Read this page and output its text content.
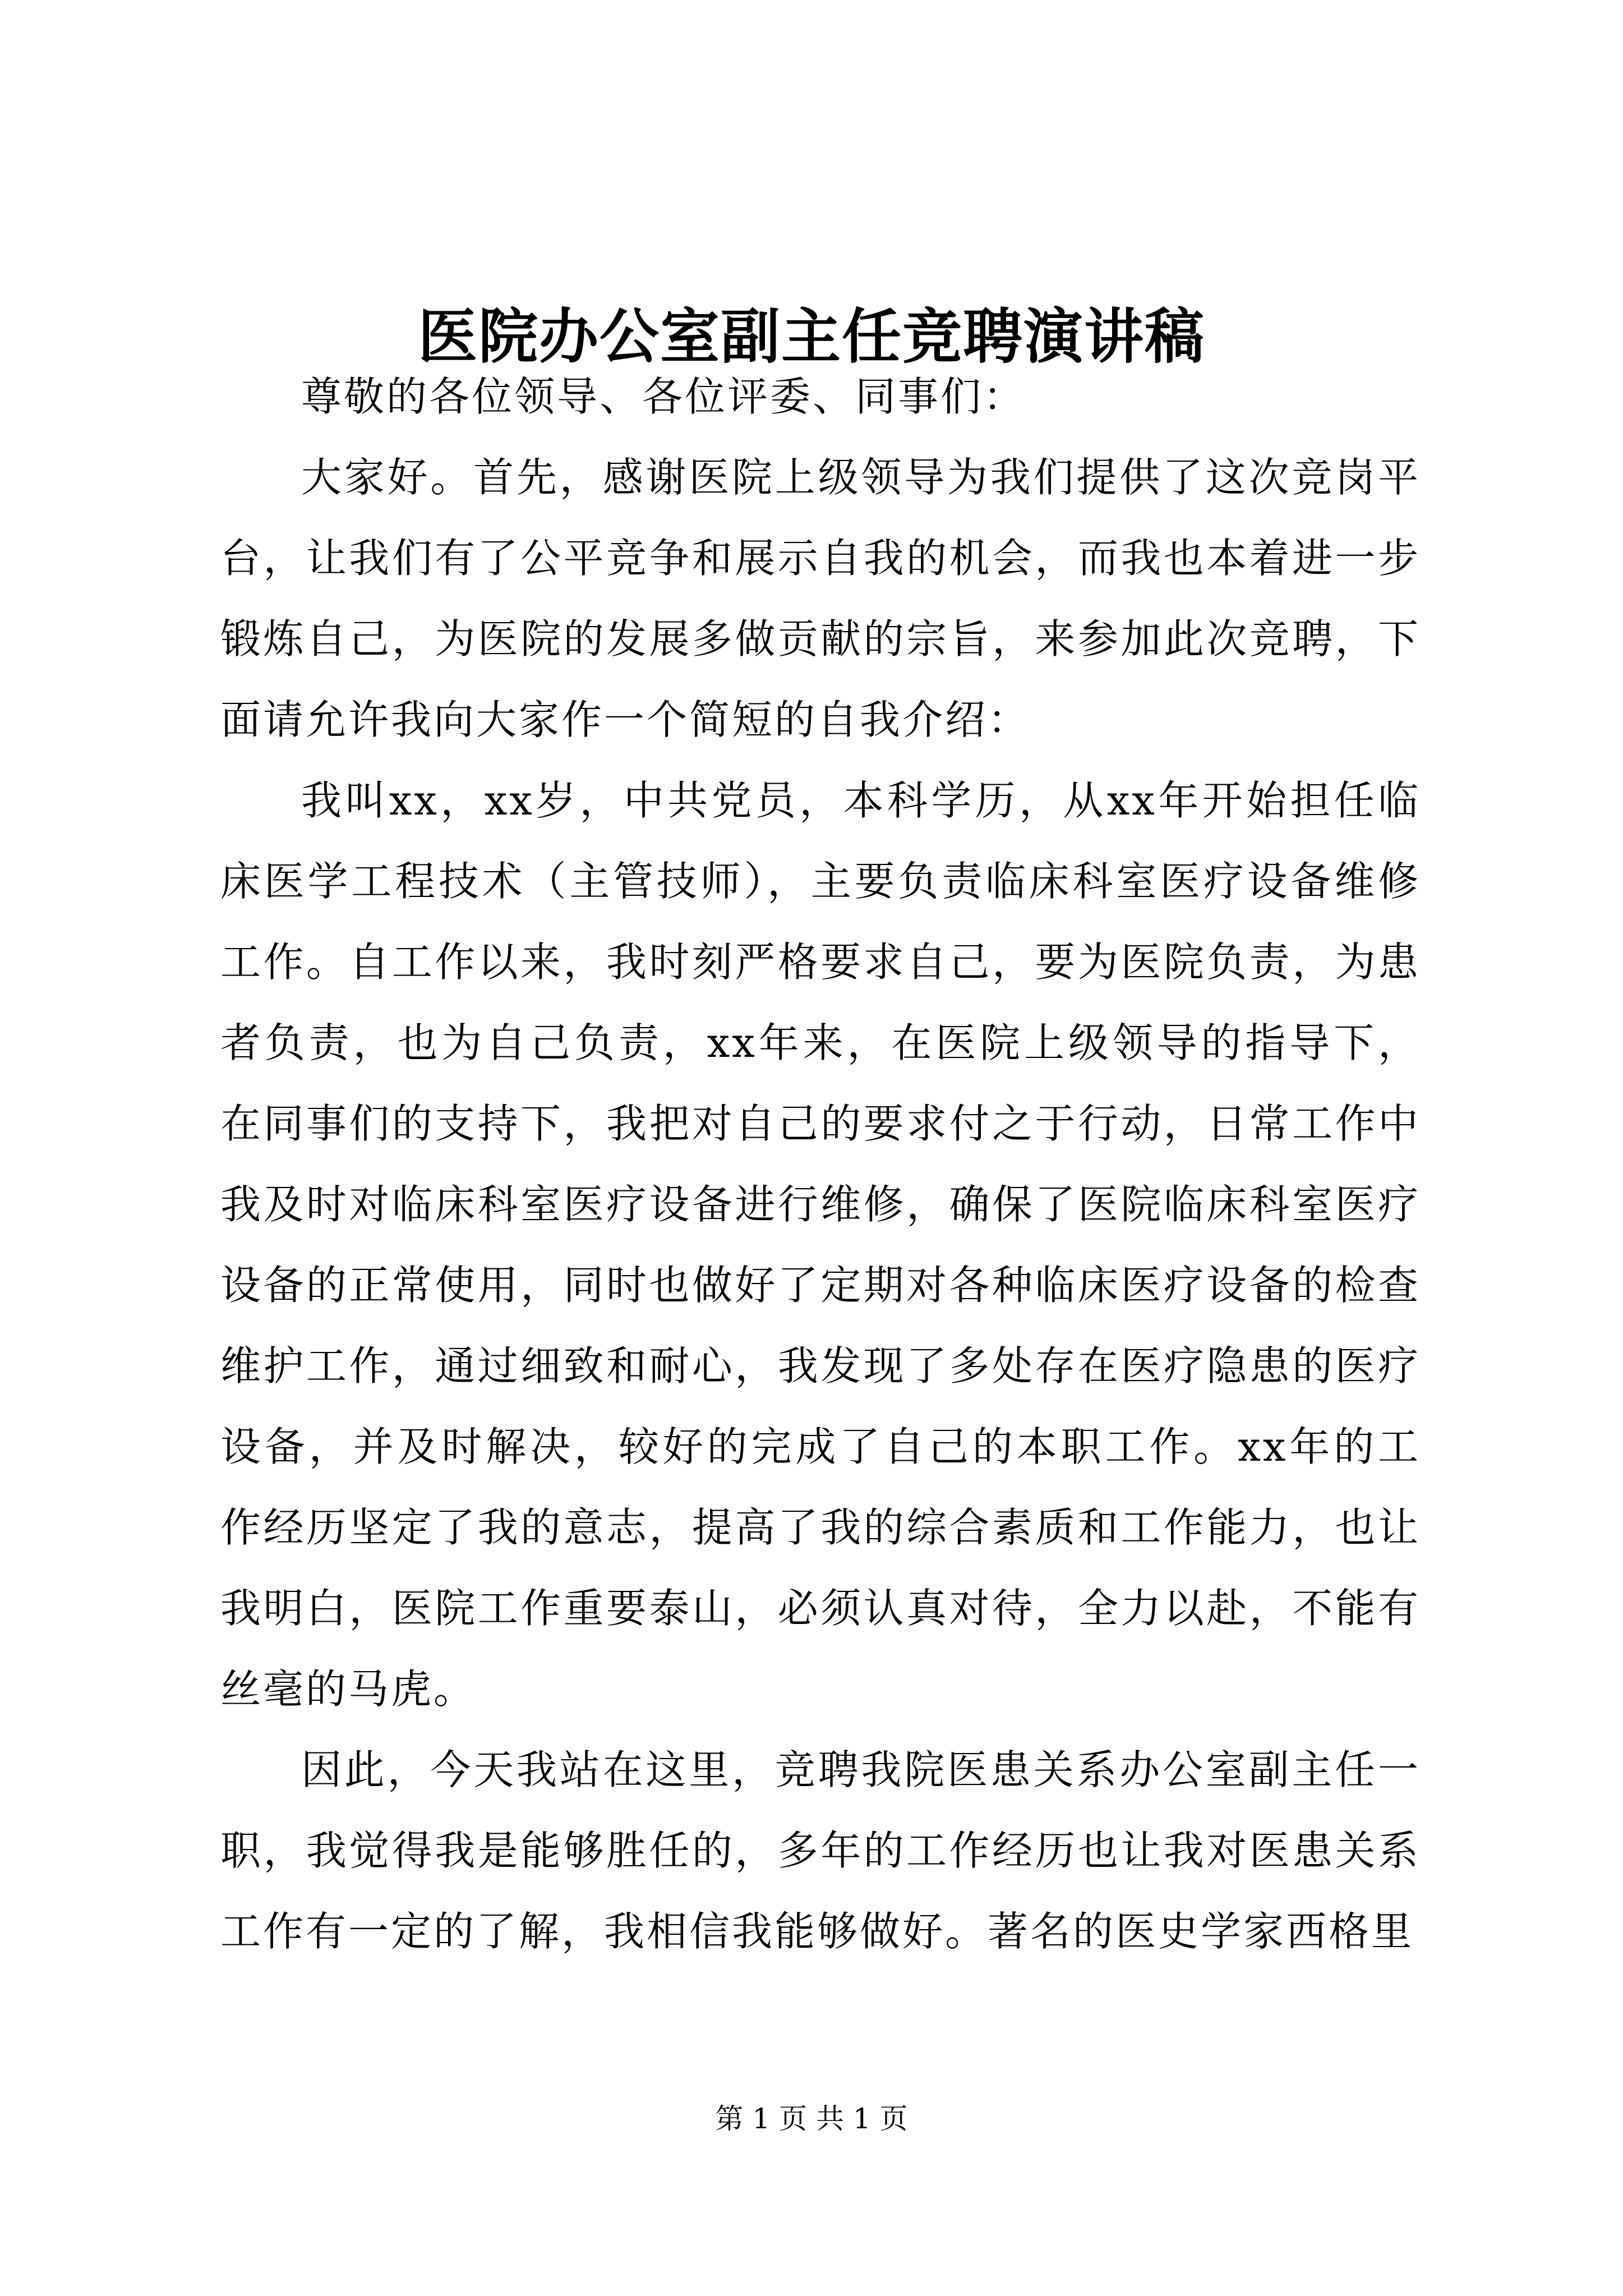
医院办公室副主任竞聘演讲稿

尊敬的各位领导、各位评委、同事们：

大家好。首先，感谢医院上级领导为我们提供了这次竞岗平台，让我们有了公平竞争和展示自我的机会，而我也本着进一步锻炼自己，为医院的发展多做贡献的宗旨，来参加此次竞聘，下面请允许我向大家作一个简短的自我介绍：

我叫xx，xx岁，中共党员，本科学历，从xx年开始担任临床医学工程技术（主管技师），主要负责临床科室医疗设备维修工作。自工作以来，我时刻严格要求自己，要为医院负责，为患者负责，也为自己负责，xx年来，在医院上级领导的指导下，在同事们的支持下，我把对自己的要求付之于行动，日常工作中我及时对临床科室医疗设备进行维修，确保了医院临床科室医疗设备的正常使用，同时也做好了定期对各种临床医疗设备的检查维护工作，通过细致和耐心，我发现了多处存在医疗隐患的医疗设备，并及时解决，较好的完成了自己的本职工作。xx年的工作经历坚定了我的意志，提高了我的综合素质和工作能力，也让我明白，医院工作重要泰山，必须认真对待，全力以赴，不能有丝毫的马虎。

因此，今天我站在这里，竞聘我院医患关系办公室副主任一职，我觉得我是能够胜任的，多年的工作经历也让我对医患关系工作有一定的了解，我相信我能够做好。著名的医史学家西格里

第 1 页 共 1 页
